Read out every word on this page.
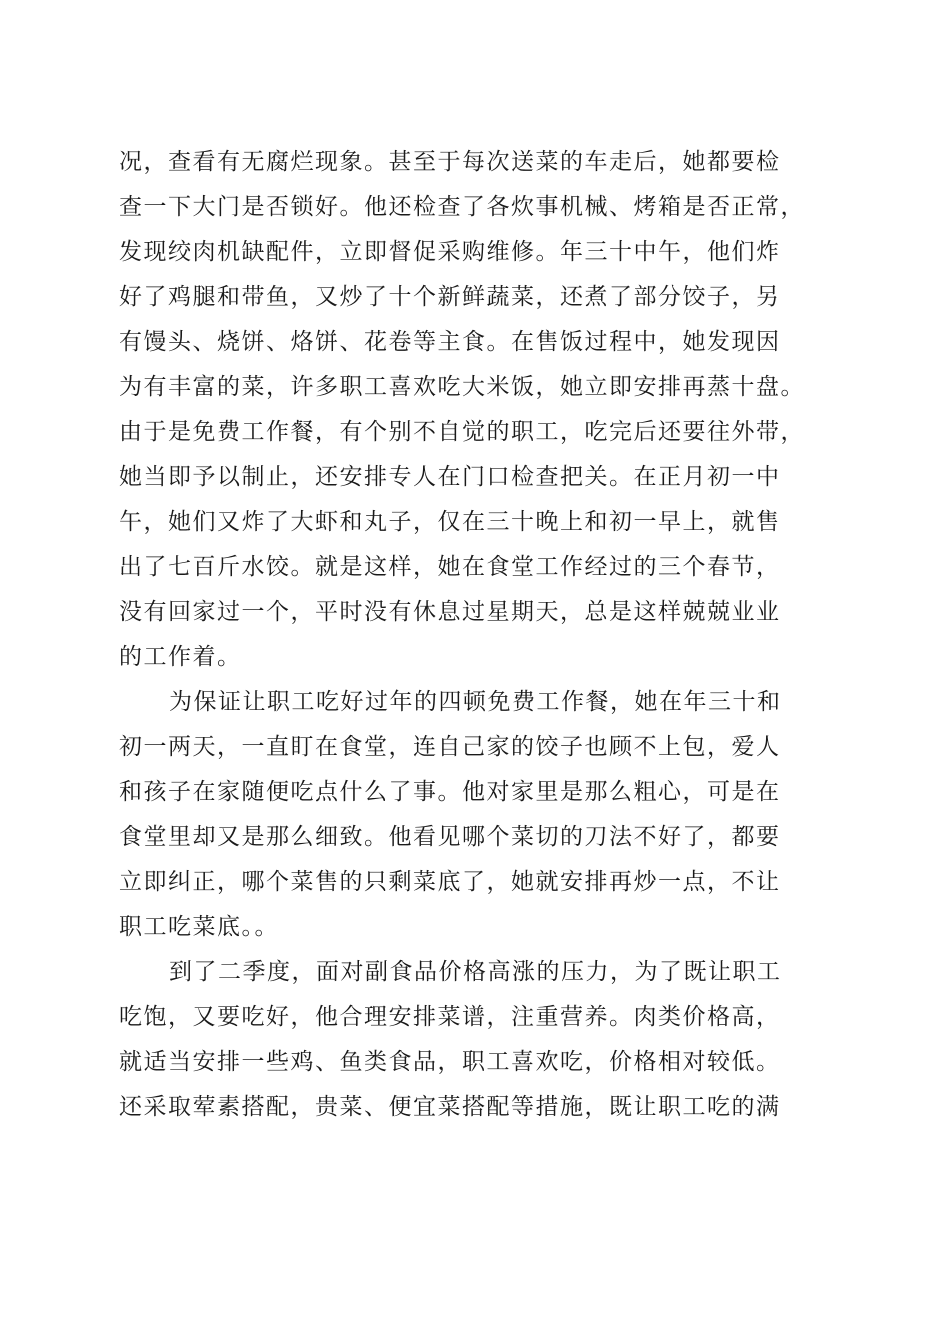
况，查看有无腐烂现象。甚至于每次送菜的车走后，她都要检
查一下大门是否锁好。他还检查了各炊事机械、烤箱是否正常，
发现绞肉机缺配件，立即督促采购维修。年三十中午，他们炸
好了鸡腿和带鱼，又炒了十个新鲜蔬菜，还煮了部分饺子，另
有馒头、烧饼、烙饼、花卷等主食。在售饭过程中，她发现因
为有丰富的菜，许多职工喜欢吃大米饭，她立即安排再蒸十盘。
由于是免费工作餐，有个别不自觉的职工，吃完后还要往外带，
她当即予以制止，还安排专人在门口检查把关。在正月初一中
午，她们又炸了大虾和丸子，仅在三十晚上和初一早上，就售
出了七百斤水饺。就是这样，她在食堂工作经过的三个春节，
没有回家过一个，平时没有休息过星期天，总是这样兢兢业业
的工作着。
为保证让职工吃好过年的四顿免费工作餐，她在年三十和
初一两天，一直盯在食堂，连自己家的饺子也顾不上包，爱人
和孩子在家随便吃点什么了事。他对家里是那么粗心，可是在
食堂里却又是那么细致。他看见哪个菜切的刀法不好了，都要
立即纠正，哪个菜售的只剩菜底了，她就安排再炒一点，不让
职工吃菜底。。
到了二季度，面对副食品价格高涨的压力，为了既让职工
吃饱，又要吃好，他合理安排菜谱，注重营养。肉类价格高，
就适当安排一些鸡、鱼类食品，职工喜欢吃，价格相对较低。
还采取荤素搭配，贵菜、便宜菜搭配等措施，既让职工吃的满
